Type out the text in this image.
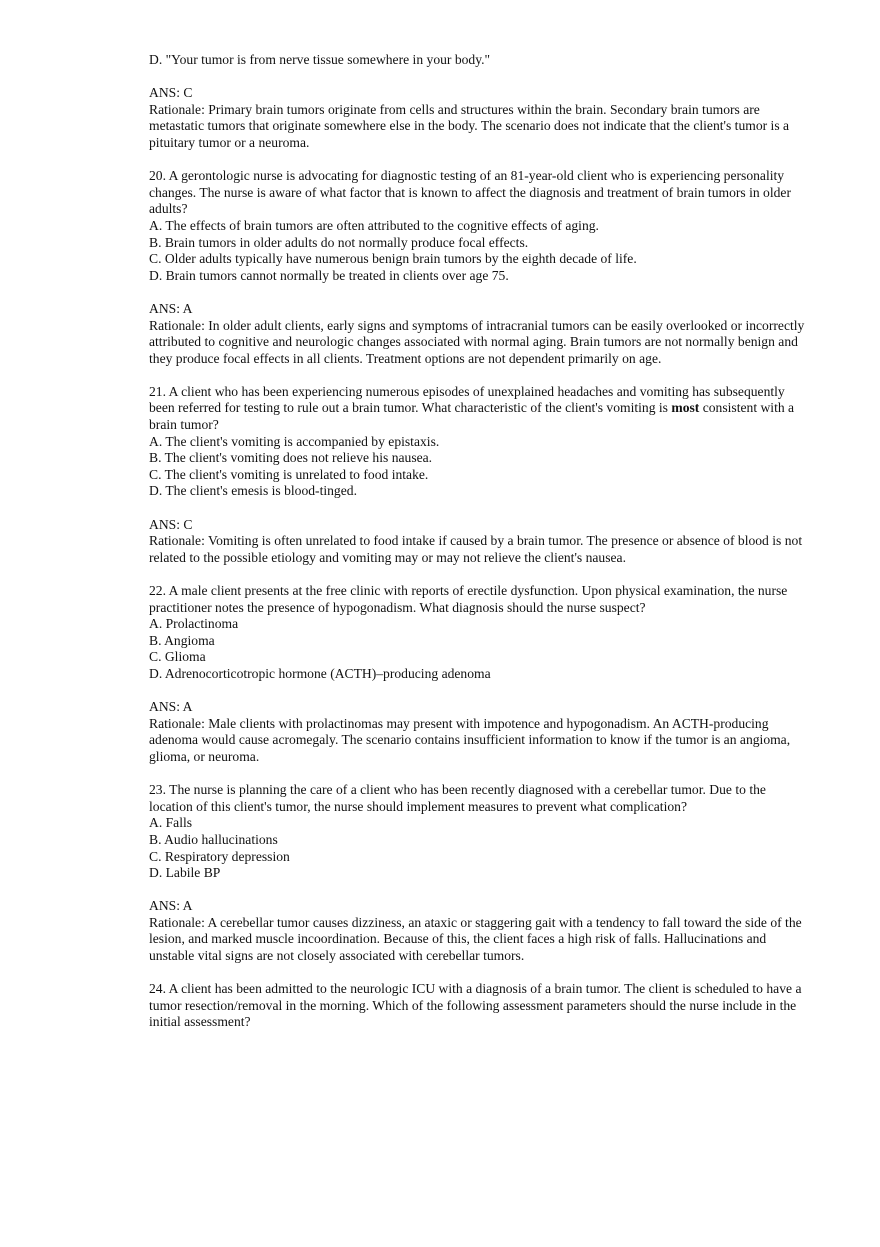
D. "Your tumor is from nerve tissue somewhere in your body."
ANS: C
Rationale: Primary brain tumors originate from cells and structures within the brain. Secondary brain tumors are metastatic tumors that originate somewhere else in the body. The scenario does not indicate that the client's tumor is a pituitary tumor or a neuroma.
20. A gerontologic nurse is advocating for diagnostic testing of an 81-year-old client who is experiencing personality changes. The nurse is aware of what factor that is known to affect the diagnosis and treatment of brain tumors in older adults?
A. The effects of brain tumors are often attributed to the cognitive effects of aging.
B. Brain tumors in older adults do not normally produce focal effects.
C. Older adults typically have numerous benign brain tumors by the eighth decade of life.
D. Brain tumors cannot normally be treated in clients over age 75.
ANS: A
Rationale: In older adult clients, early signs and symptoms of intracranial tumors can be easily overlooked or incorrectly attributed to cognitive and neurologic changes associated with normal aging. Brain tumors are not normally benign and they produce focal effects in all clients. Treatment options are not dependent primarily on age.
21. A client who has been experiencing numerous episodes of unexplained headaches and vomiting has subsequently been referred for testing to rule out a brain tumor. What characteristic of the client's vomiting is most consistent with a brain tumor?
A. The client's vomiting is accompanied by epistaxis.
B. The client's vomiting does not relieve his nausea.
C. The client's vomiting is unrelated to food intake.
D. The client's emesis is blood-tinged.
ANS: C
Rationale: Vomiting is often unrelated to food intake if caused by a brain tumor. The presence or absence of blood is not related to the possible etiology and vomiting may or may not relieve the client's nausea.
22. A male client presents at the free clinic with reports of erectile dysfunction. Upon physical examination, the nurse practitioner notes the presence of hypogonadism. What diagnosis should the nurse suspect?
A. Prolactinoma
B. Angioma
C. Glioma
D. Adrenocorticotropic hormone (ACTH)–producing adenoma
ANS: A
Rationale: Male clients with prolactinomas may present with impotence and hypogonadism. An ACTH-producing adenoma would cause acromegaly. The scenario contains insufficient information to know if the tumor is an angioma, glioma, or neuroma.
23. The nurse is planning the care of a client who has been recently diagnosed with a cerebellar tumor. Due to the location of this client's tumor, the nurse should implement measures to prevent what complication?
A. Falls
B. Audio hallucinations
C. Respiratory depression
D. Labile BP
ANS: A
Rationale: A cerebellar tumor causes dizziness, an ataxic or staggering gait with a tendency to fall toward the side of the lesion, and marked muscle incoordination. Because of this, the client faces a high risk of falls. Hallucinations and unstable vital signs are not closely associated with cerebellar tumors.
24. A client has been admitted to the neurologic ICU with a diagnosis of a brain tumor. The client is scheduled to have a tumor resection/removal in the morning. Which of the following assessment parameters should the nurse include in the initial assessment?
